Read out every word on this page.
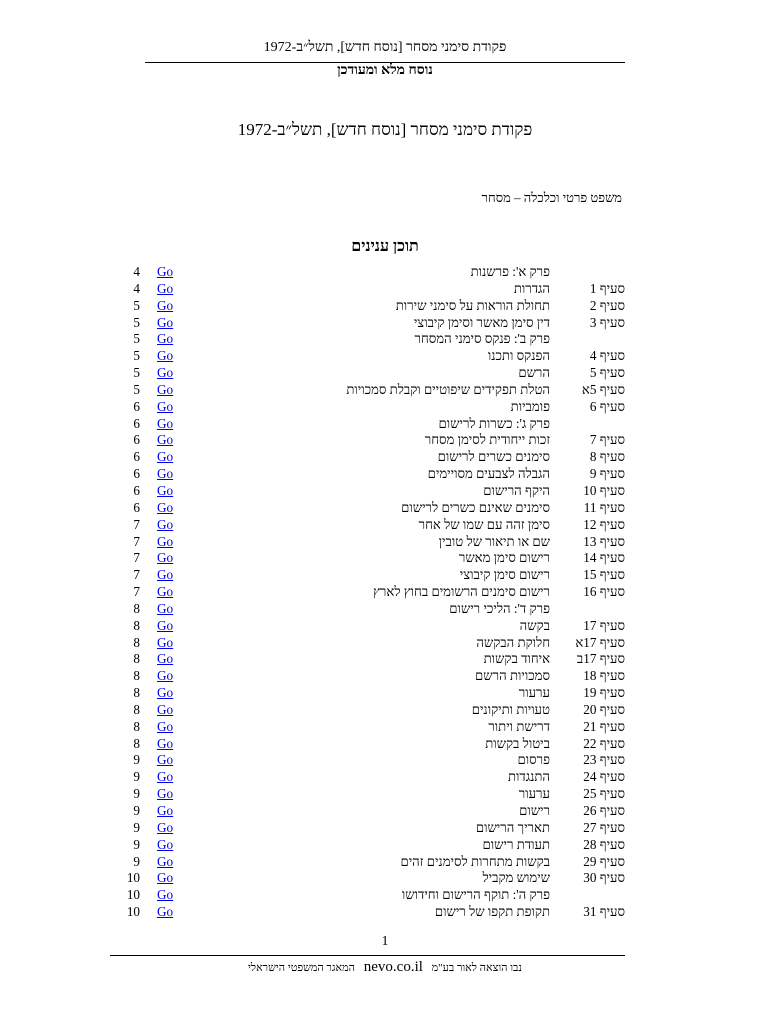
פקודת סימני מסחר [נוסח חדש], תשל״ב-1972
נוסח מלא ומעודכן
פקודת סימני מסחר [נוסח חדש], תשל״ב-1972
משפט פרטי וכלכלה – מסחר
תוכן ענינים
4 Go	פרק א': פרשנות
4 Go	הגדרות	סעיף 1
5 Go	תחולת הוראות על סימני שירות	סעיף 2
5 Go	דין סימן מאשר וסימן קיבוצי	סעיף 3
5 Go	פרק ב': פנקס סימני המסחר
5 Go	הפנקס ותכנו	סעיף 4
5 Go	הרשם	סעיף 5
5 Go	הטלת תפקידים שיפוטיים וקבלת סמכויות סעיף 5א
6 Go	פומביות	סעיף 6
6 Go	פרק ג': כשרות לרישום
6 Go	זכות ייחודית לסימן מסחר	סעיף 7
6 Go	סימנים כשרים לרישום	סעיף 8
6 Go	הגבלה לצבעים מסויימים	סעיף 9
6 Go	היקף הרישום	סעיף 10
6 Go	סימנים שאינם כשרים לרישום	סעיף 11
7 Go	סימן זהה עם שמו של אחר	סעיף 12
7 Go	שם או תיאור של טובין	סעיף 13
7 Go	רישום סימן מאשר	סעיף 14
7 Go	רישום סימן קיבוצי	סעיף 15
7 Go	רישום סימנים הרשומים בחוץ לארץ	סעיף 16
8 Go	פרק ד': הליכי רישום
8 Go	בקשה	סעיף 17
8 Go	חלוקת הבקשה סעיף 17א
8 Go	איחוד בקשות סעיף 17ב
8 Go	סמכויות הרשם	סעיף 18
8 Go	ערעור	סעיף 19
8 Go	טעויות ותיקונים	סעיף 20
8 Go	דרישת ויתור	סעיף 21
8 Go	ביטול בקשות	סעיף 22
9 Go	פרסום	סעיף 23
9 Go	התנגדות	סעיף 24
9 Go	ערעור	סעיף 25
9 Go	רישום	סעיף 26
9 Go	תאריך הרישום	סעיף 27
9 Go	תעודת רישום	סעיף 28
9 Go	בקשות מתחרות לסימנים זהים	סעיף 29
10 Go	שימוש מקביל	סעיף 30
10 Go	פרק ה': תוקף הרישום וחידושו
10 Go	תקופת תקפו של רישום	סעיף 31
1
נבו הוצאה לאור בע"מ nevo.co.il המאגר המשפטי הישראלי
